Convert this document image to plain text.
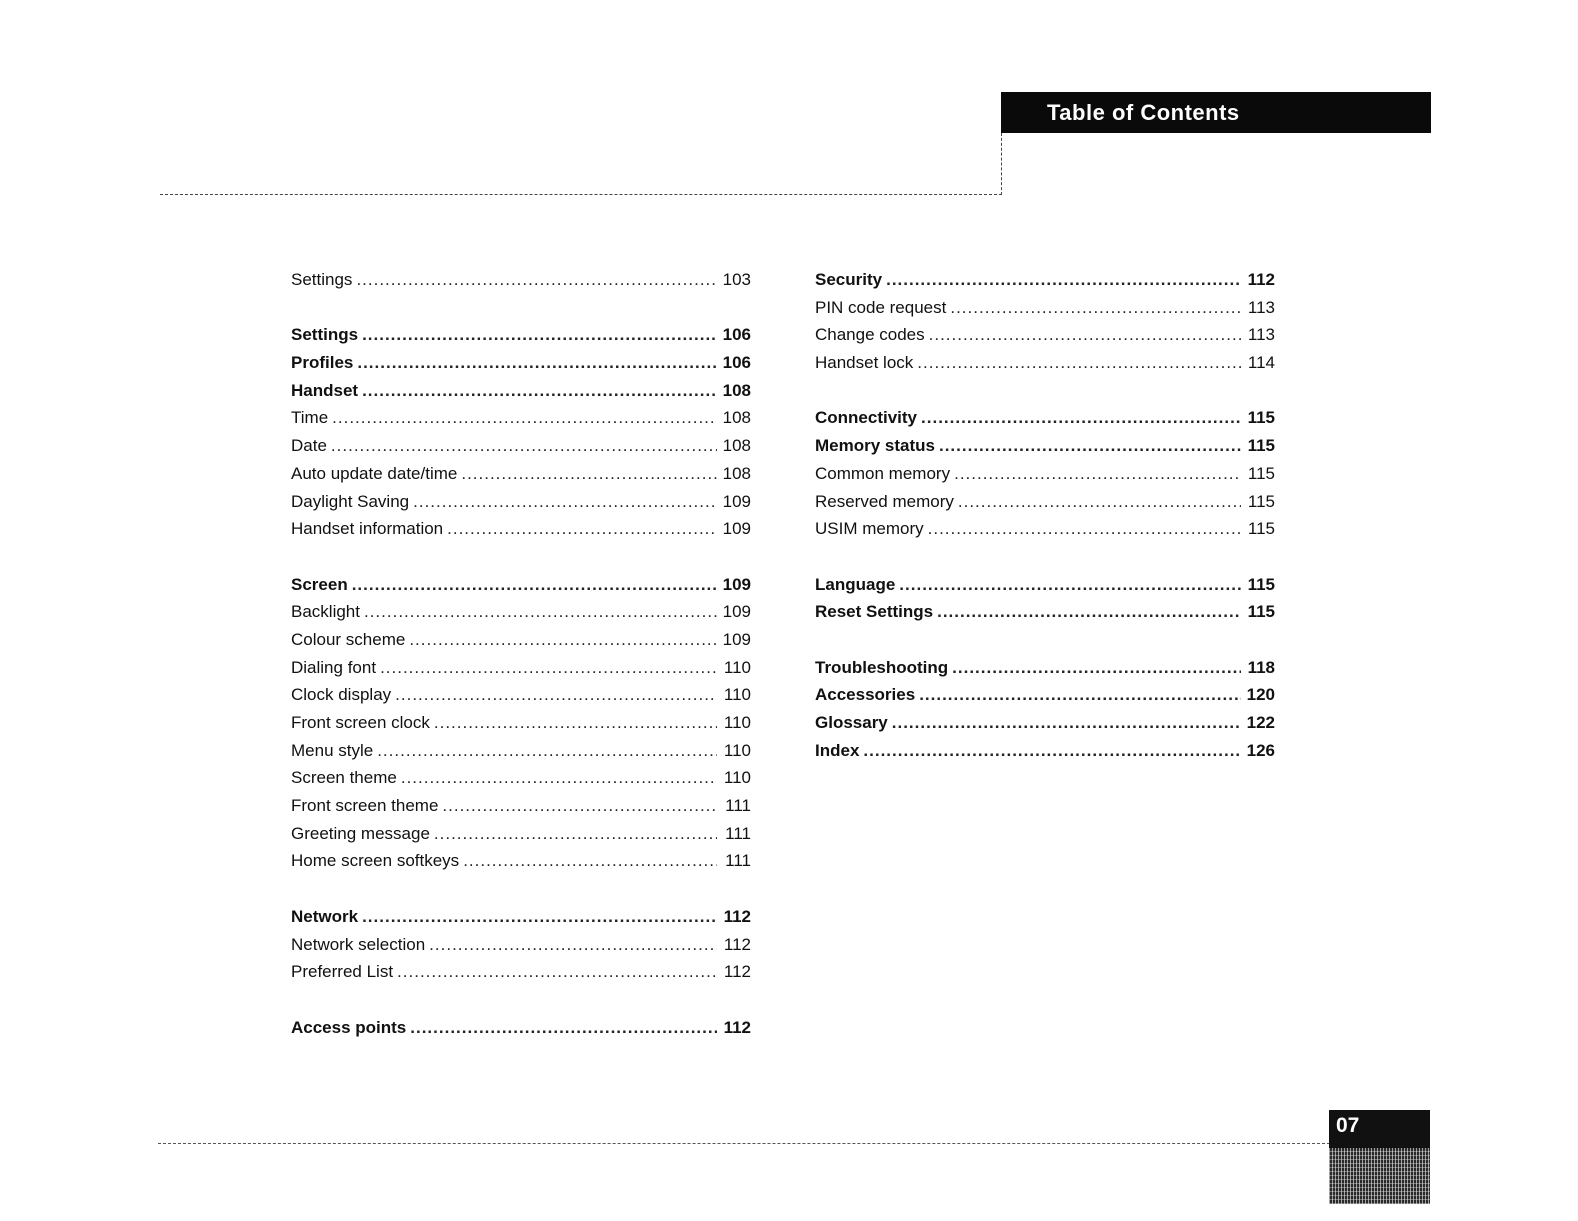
Table of Contents
Settings .....	103
Settings .....	106
Profiles .....	106
Handset .....	108
Time .....	108
Date .....	108
Auto update date/time .....	108
Daylight Saving .....	109
Handset information .....	109
Screen .....	109
Backlight .....	109
Colour scheme .....	109
Dialing font .....	110
Clock display .....	110
Front screen clock .....	110
Menu style .....	110
Screen theme .....	110
Front screen theme .....	111
Greeting message .....	111
Home screen softkeys .....	111
Network .....	112
Network selection .....	112
Preferred List .....	112
Access points .....	112
Security .....	112
PIN code request .....	113
Change codes .....	113
Handset lock .....	114
Connectivity .....	115
Memory status .....	115
Common memory .....	115
Reserved memory .....	115
USIM memory .....	115
Language .....	115
Reset Settings .....	115
Troubleshooting .....	118
Accessories .....	120
Glossary .....	122
Index .....	126
07
